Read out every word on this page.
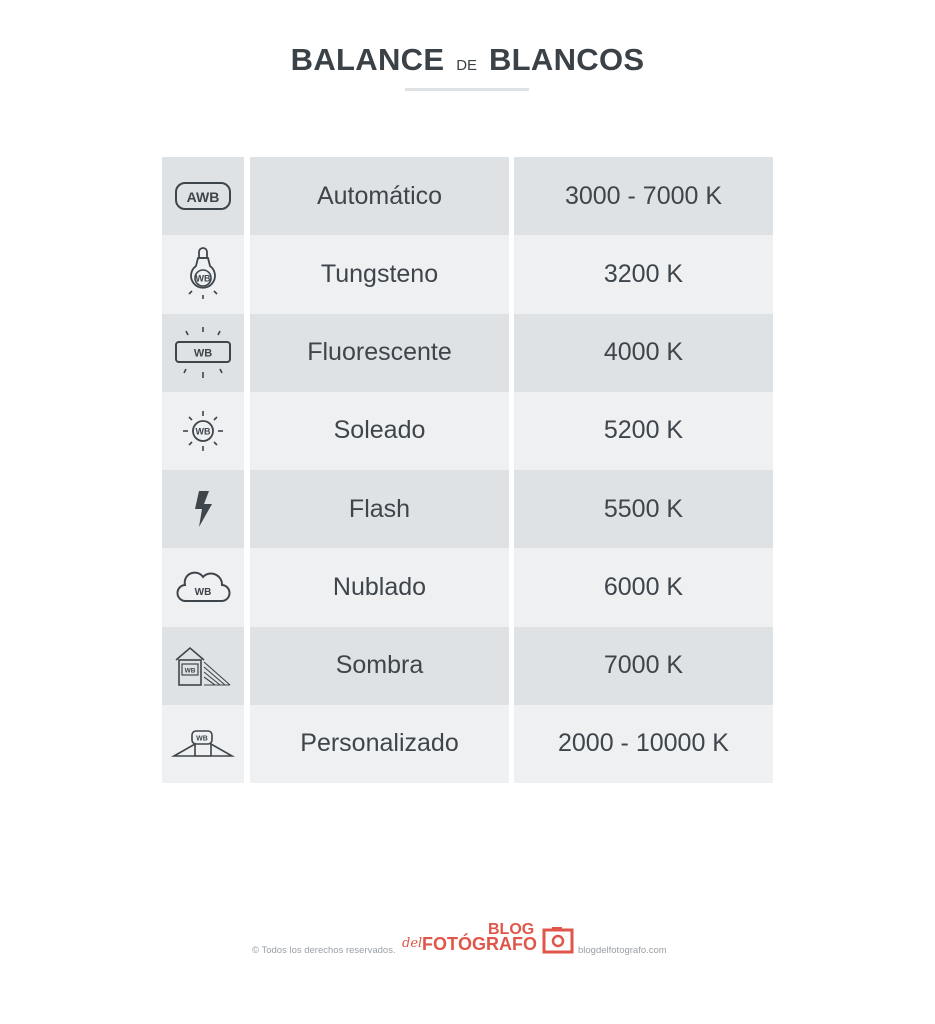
BALANCE DE BLANCOS
AWB	Automático	3000 - 7000 K
WB	Tungsteno	3200 K
WB	Fluorescente	4000 K
WB	Soleado	5200 K
Flash	5500 K
WB	Nublado	6000 K
WB	Sombra	7000 K
WB	Personalizado	2000 - 10000 K
© Todos los derechos reservados. del
BLOG
FOTÓGRAFO	blogdelfotografo.com
